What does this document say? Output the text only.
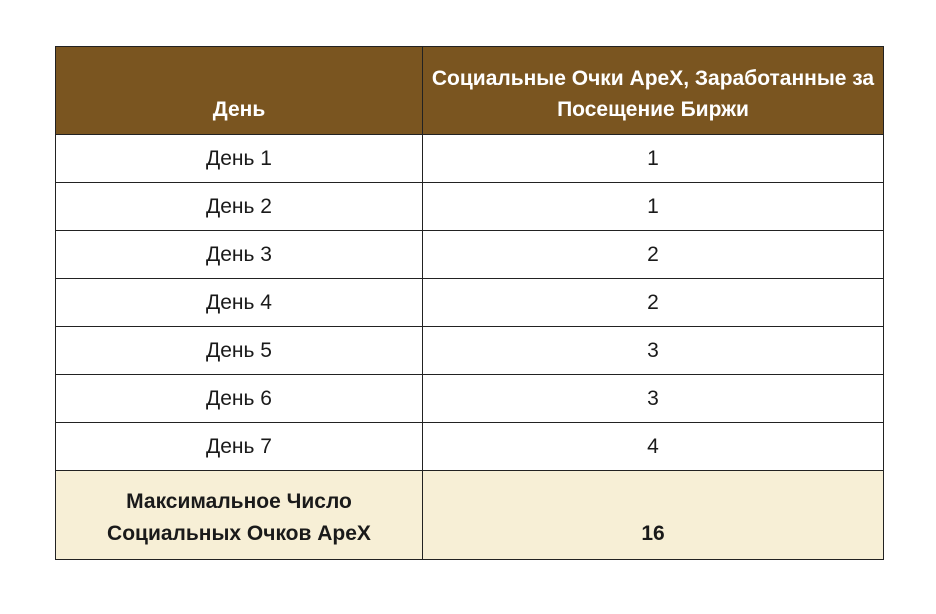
День	Социальные Очки ApeX, Заработанные за Посещение Биржи
День 1	1
День 2	1
День 3	2
День 4	2
День 5	3
День 6	3
День 7	4
Максимальное Число Социальных Очков ApeX	16
